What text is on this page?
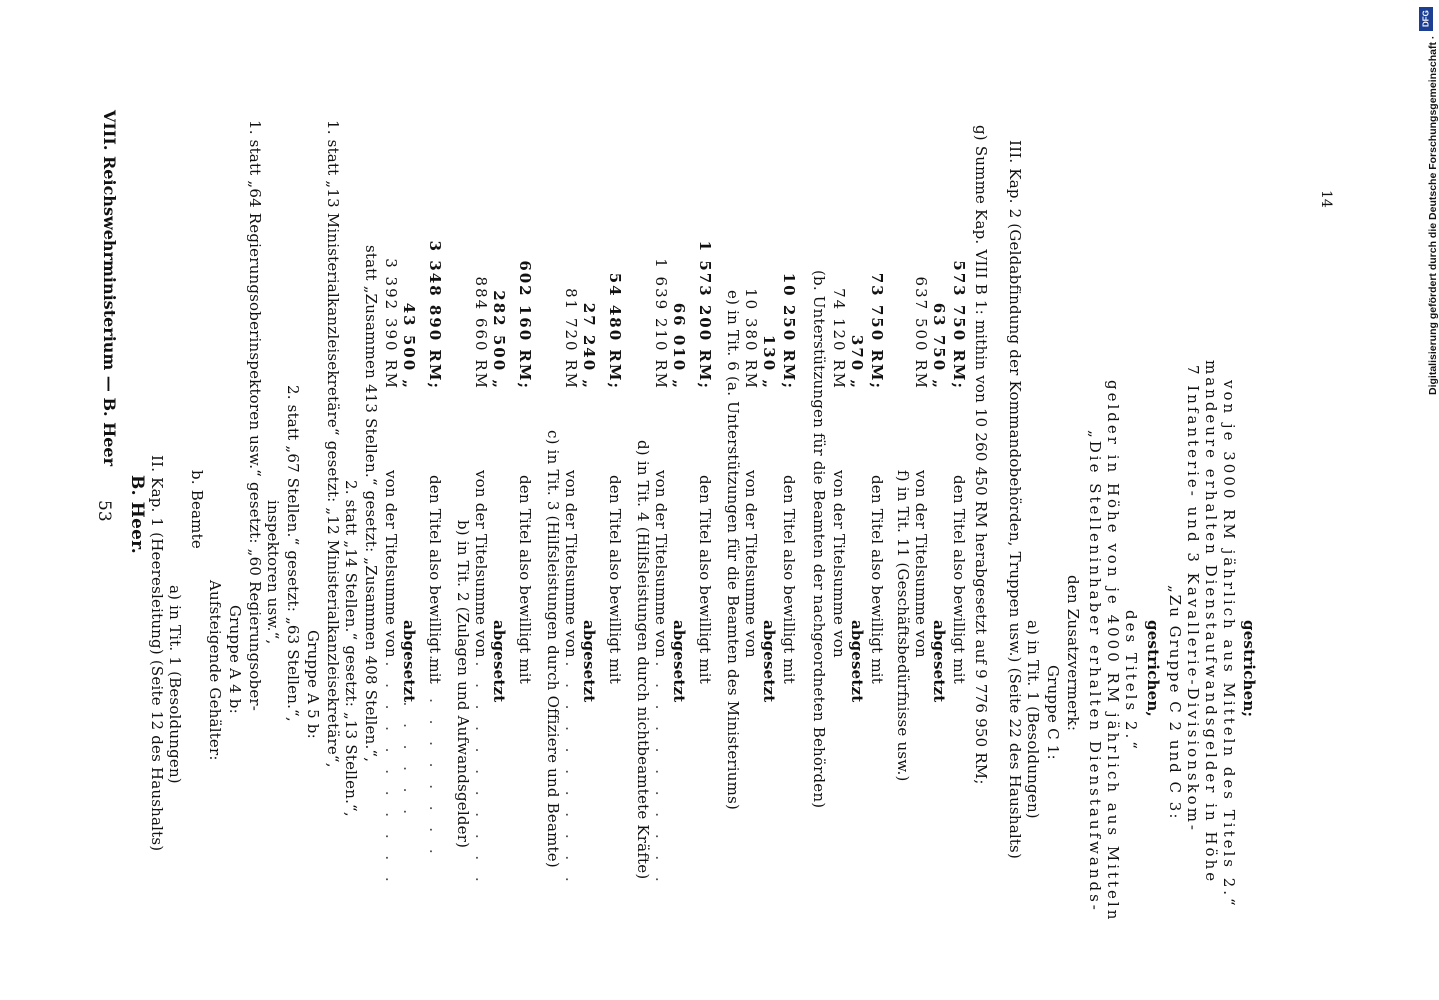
VIII. Reichswehrministerium — B. Heer
53 B. Heer. II. Kap. 1 (Heeresleitung) (Seite 12 des Haushalts) a) in Tit. 1 (Besoldungen)
b. Beamte
Aufsteigende Gehälter: Gruppe A 4 b: 1. statt „64 Regierungsoberinspektoren usw.“ gesetzt: „60 Regierungsober- inspektoren usw.“, 2. statt „67 Stellen.“ gesetzt: „63 Stellen.“, Gruppe A 5 b: 1. statt „13 Ministerialkanzleisekretäre“ gesetzt: „12 Ministerialkanzleisekretäre“, 2. statt „14 Stellen.“ gesetzt: „13 Stellen.“, statt „Zusammen 413 Stellen.“ gesetzt: „Zusammen 408 Stellen.“, von der Titelsumme von
. . . . . . . . . . . . abgesetzt
. . . . . . .
den Titel also bewilligt mit
. . . . . . . . . .
3 392 390 RM 43 500 „ 3 348 890 RM;
b) in Tit. 2 (Zulagen und Aufwandsgelder) von der Titelsumme von
. . . . . . . . . . . . abgesetzt den Titel also bewilligt mit
884 660 RM 282 500 „ 602 160 RM;
c) in Tit. 3 (Hilfsleistungen durch Offiziere und Beamte) von der Titelsumme von
. . . . . . . . . . . . abgesetzt den Titel also bewilligt mit
81 720 RM 27 240 „ 54 480 RM;
d) in Tit. 4 (Hilfsleistungen durch nichtbeamtete Kräfte) von der Titelsumme von
. . . . . . . . . . . . abgesetzt den Titel also bewilligt mit
1 639 210 RM 66 010 „ 1 573 200 RM; e) in Tit. 6 (a. Unterstützungen für die Beamten des Ministeriums) von der Titelsumme von
abgesetzt den Titel also bewilligt mit
10 380 RM 130 „ 10 250 RM; (b. Unterstützungen für die Beamten der nachgeordneten Behörden) von der Titelsumme von
abgesetzt den Titel also bewilligt mit
74 120 RM 370 „ 73 750 RM;
f) in Tit. 11 (Geschäftsbedürfnisse usw.) von der Titelsumme von
abgesetzt den Titel also bewilligt mit
637 500 RM 63 750 „ 573 750 RM; g) Summe Kap. VIII B 1: mithin von 10 260 450 RM herabgesetzt auf 9 776 950 RM; III. Kap. 2 (Geldabfindung der Kommandobehörden, Truppen usw.) (Seite 22 des Haushalts) a) in Tit. 1 (Besoldungen) Gruppe C 1: den Zusatzvermerk: „Die Stelleninhaber erhalten Dienstaufwands- gelder in Höhe von je 4000 RM jährlich aus Mitteln des Titels 2.“ gestrichen, „Zu Gruppe C 2 und C 3: 7 Infanterie- und 3 Kavallerie-Divisionskom- mandeure erhalten Dienstaufwandsgelder in Höhe von je 3000 RM jährlich aus Mitteln des Titels 2.“ gestrichen;
14	Digitalisierung gefördert durch die Deutsche Forschungsgemeinschaft ·
DFG
